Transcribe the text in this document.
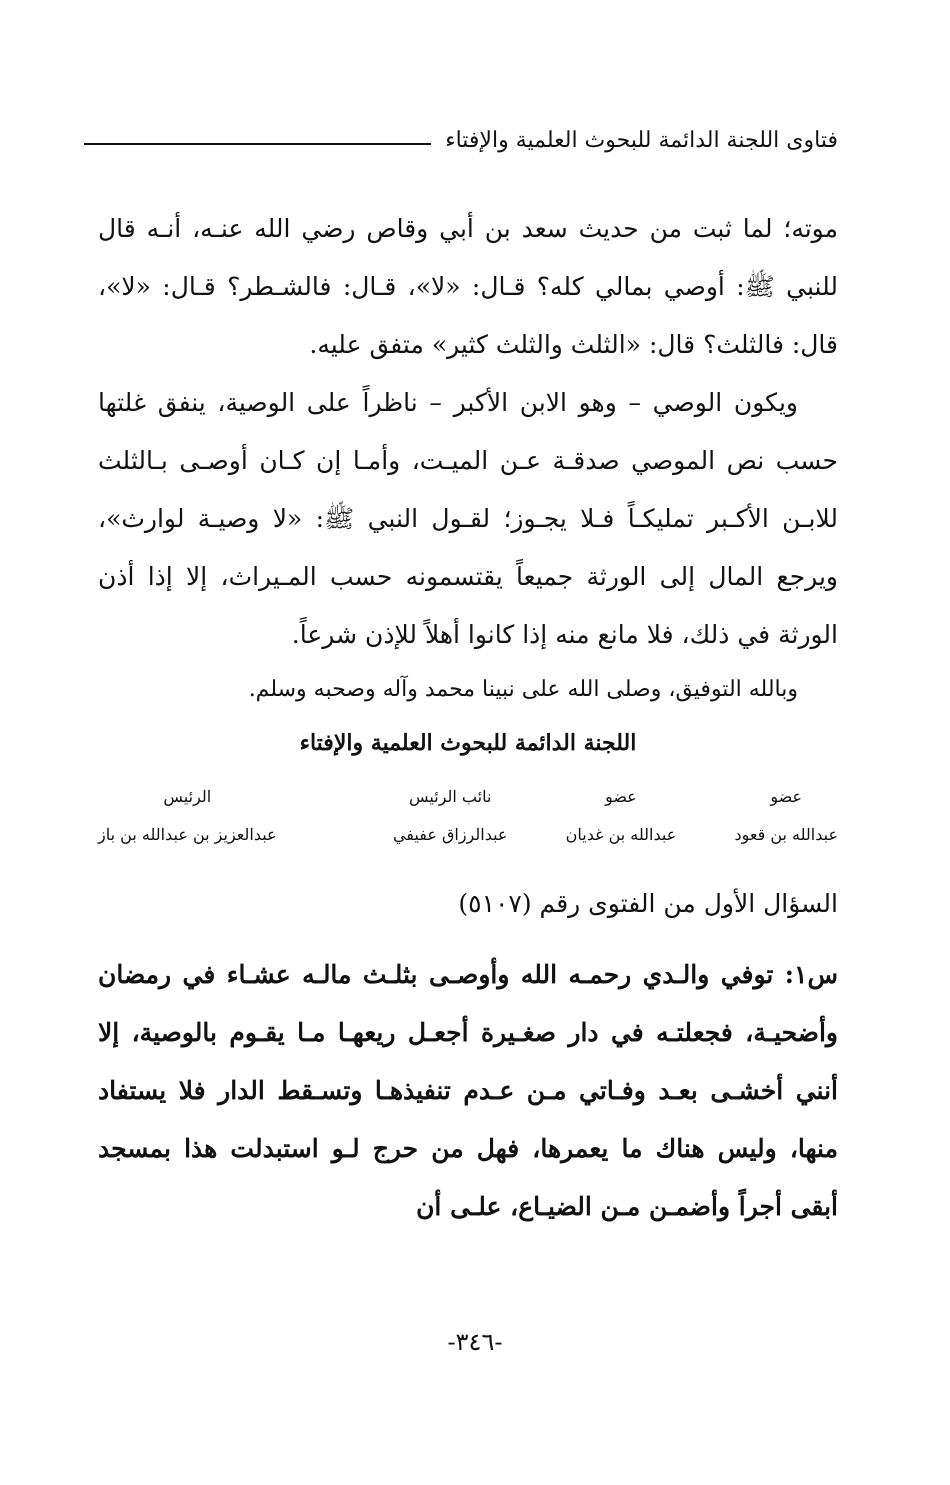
فتاوى اللجنة الدائمة للبحوث العلمية والإفتاء

موته؛ لما ثبت من حديث سعد بن أبي وقاص رضي الله عنـه، أنـه قال للنبي ﷺ: أوصي بمالي كله؟ قـال: «لا»، قـال: فالشـطر؟ قـال: «لا»، قال: فالثلث؟ قال: «الثلث والثلث كثير» متفق عليه.

ويكون الوصي – وهو الابن الأكبر – ناظراً على الوصية، ينفق غلتها حسب نص الموصي صدقـة عـن الميـت، وأمـا إن كـان أوصـى بـالثلث للابـن الأكـبر تمليكـاً فـلا يجـوز؛ لقـول النبي ﷺ: «لا وصيـة لوارث»، ويرجع المال إلى الورثة جميعاً يقتسمونه حسب المـيراث، إلا إذا أذن الورثة في ذلك، فلا مانع منه إذا كانوا أهلاً للإذن شرعاً.

وبالله التوفيق، وصلى الله على نبينا محمد وآله وصحبه وسلم.

اللجنة الدائمة للبحوث العلمية والإفتاء

عضو
عضو
نائب الرئيس
الرئيس
عبدالله بن قعود
عبدالله بن غديان
عبدالرزاق عفيفي
عبدالعزيز بن عبدالله بن باز

السؤال الأول من الفتوى رقم (٥١٠٧)

س١: توفي والـدي رحمـه الله وأوصـى بثلـث مالـه عشـاء في رمضان وأضحيـة، فجعلتـه في دار صغـيرة أجعـل ريعهـا مـا يقـوم بالوصية، إلا أنني أخشـى بعـد وفـاتي مـن عـدم تنفيذهـا وتسـقط الدار فلا يستفاد منها، وليس هناك ما يعمرها، فهل من حرج لـو استبدلت هذا بمسجد أبقى أجراً وأضمـن مـن الضيـاع، علـى أن

-٣٤٦-
